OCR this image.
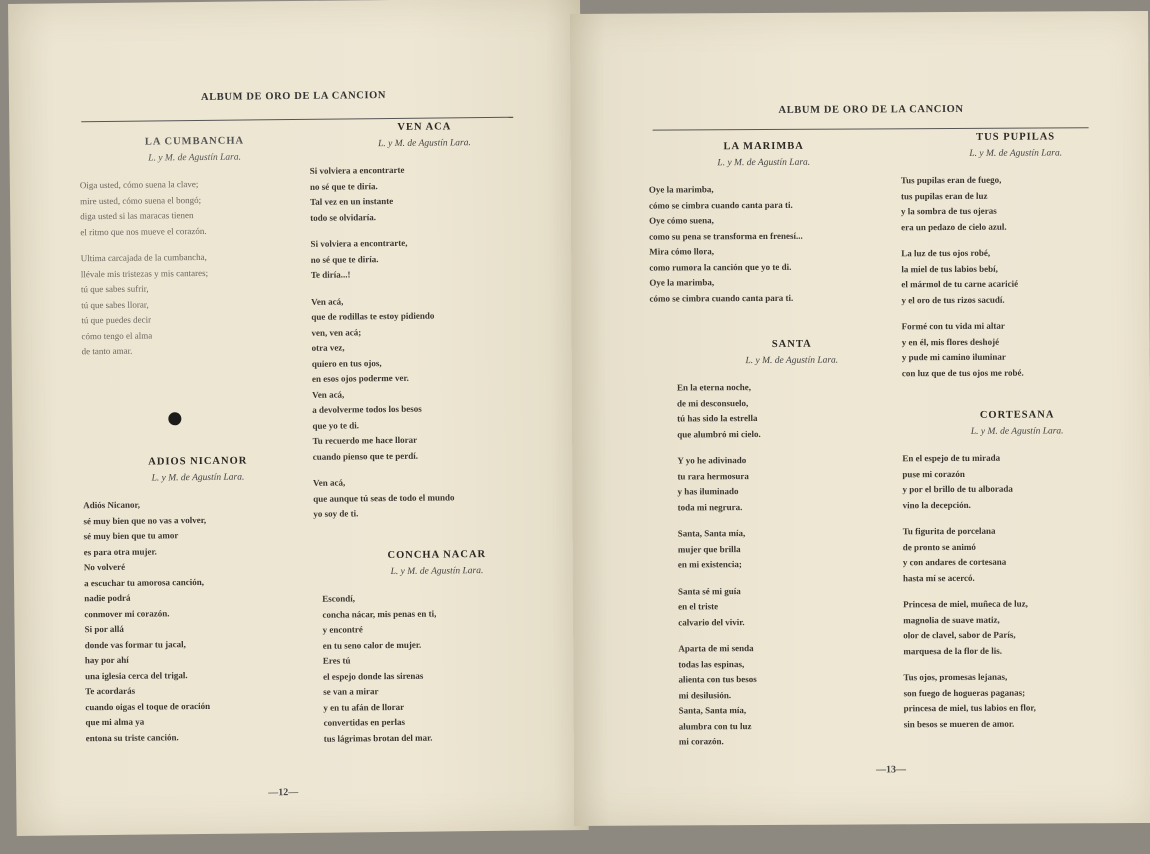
ALBUM DE ORO DE LA CANCION
LA CUMBANCHA
L. y M. de Agustín Lara.
Oiga usted, cómo suena la clave;
mire usted, cómo suena el bongó;
diga usted si las maracas tienen
el ritmo que nos mueve el corazón.
Ultima carcajada de la cumbancha,
llévale mis tristezas y mis cantares;
tú que sabes sufrir,
tú que sabes llorar,
tú que puedes decir
cómo tengo el alma
de tanto amar.
VEN ACA
L. y M. de Agustín Lara.
Si volviera a encontrarte
no sé que te diría.
Tal vez en un instante
todo se olvidaría.
Si volviera a encontrarte,
no sé que te diría.
Te diría...!
Ven acá,
que de rodillas te estoy pidiendo
ven, ven acá;
otra vez,
quiero en tus ojos,
en esos ojos poderme ver.
Ven acá,
a devolverme todos los besos
que yo te di.
Tu recuerdo me hace llorar
cuando pienso que te perdí.
Ven acá,
que aunque tú seas de todo el mundo
yo soy de ti.
ADIOS NICANOR
L. y M. de Agustín Lara.
Adiós Nicanor,
sé muy bien que no vas a volver,
sé muy bien que tu amor
es para otra mujer.
No volveré
a escuchar tu amorosa canción,
nadie podrá
conmover mi corazón.
Si por allá
donde vas formar tu jacal,
hay por ahí
una iglesia cerca del trigal.
Te acordarás
cuando oigas el toque de oración
que mi alma ya
entona su triste canción.
CONCHA NACAR
L. y M. de Agustín Lara.
Escondí,
concha nácar, mis penas en ti,
y encontré
en tu seno calor de mujer.
Eres tú
el espejo donde las sirenas
se van a mirar
y en tu afán de llorar
convertidas en perlas
tus lágrimas brotan del mar.
—12—
ALBUM DE ORO DE LA CANCION
LA MARIMBA
L. y M. de Agustín Lara.
Oye la marimba,
cómo se cimbra cuando canta para ti.
Oye cómo suena,
como su pena se transforma en frenesí...
Mira cómo llora,
como rumora la canción que yo te di.
Oye la marimba,
cómo se cimbra cuando canta para ti.
TUS PUPILAS
L. y M. de Agustín Lara.
Tus pupilas eran de fuego,
tus pupilas eran de luz
y la sombra de tus ojeras
era un pedazo de cielo azul.
La luz de tus ojos robé,
la miel de tus labios bebí,
el mármol de tu carne acaricié
y el oro de tus rizos sacudí.
Formé con tu vida mi altar
y en él, mis flores deshojé
y pude mi camino iluminar
con luz que de tus ojos me robé.
SANTA
L. y M. de Agustín Lara.
En la eterna noche,
de mi desconsuelo,
tú has sido la estrella
que alumbró mi cielo.
Y yo he adivinado
tu rara hermosura
y has iluminado
toda mi negrura.
Santa, Santa mía,
mujer que brilla
en mi existencia;
Santa sé mi guía
en el triste
calvario del vivir.
Aparta de mi senda
todas las espinas,
alienta con tus besos
mi desilusión.
Santa, Santa mía,
alumbra con tu luz
mi corazón.
CORTESANA
L. y M. de Agustín Lara.
En el espejo de tu mirada
puse mi corazón
y por el brillo de tu alborada
vino la decepción.
Tu figurita de porcelana
de pronto se animó
y con andares de cortesana
hasta mí se acercó.
Princesa de miel, muñeca de luz,
magnolia de suave matiz,
olor de clavel, sabor de París,
marquesa de la flor de lis.
Tus ojos, promesas lejanas,
son fuego de hogueras paganas;
princesa de miel, tus labios en flor,
sin besos se mueren de amor.
—13—
